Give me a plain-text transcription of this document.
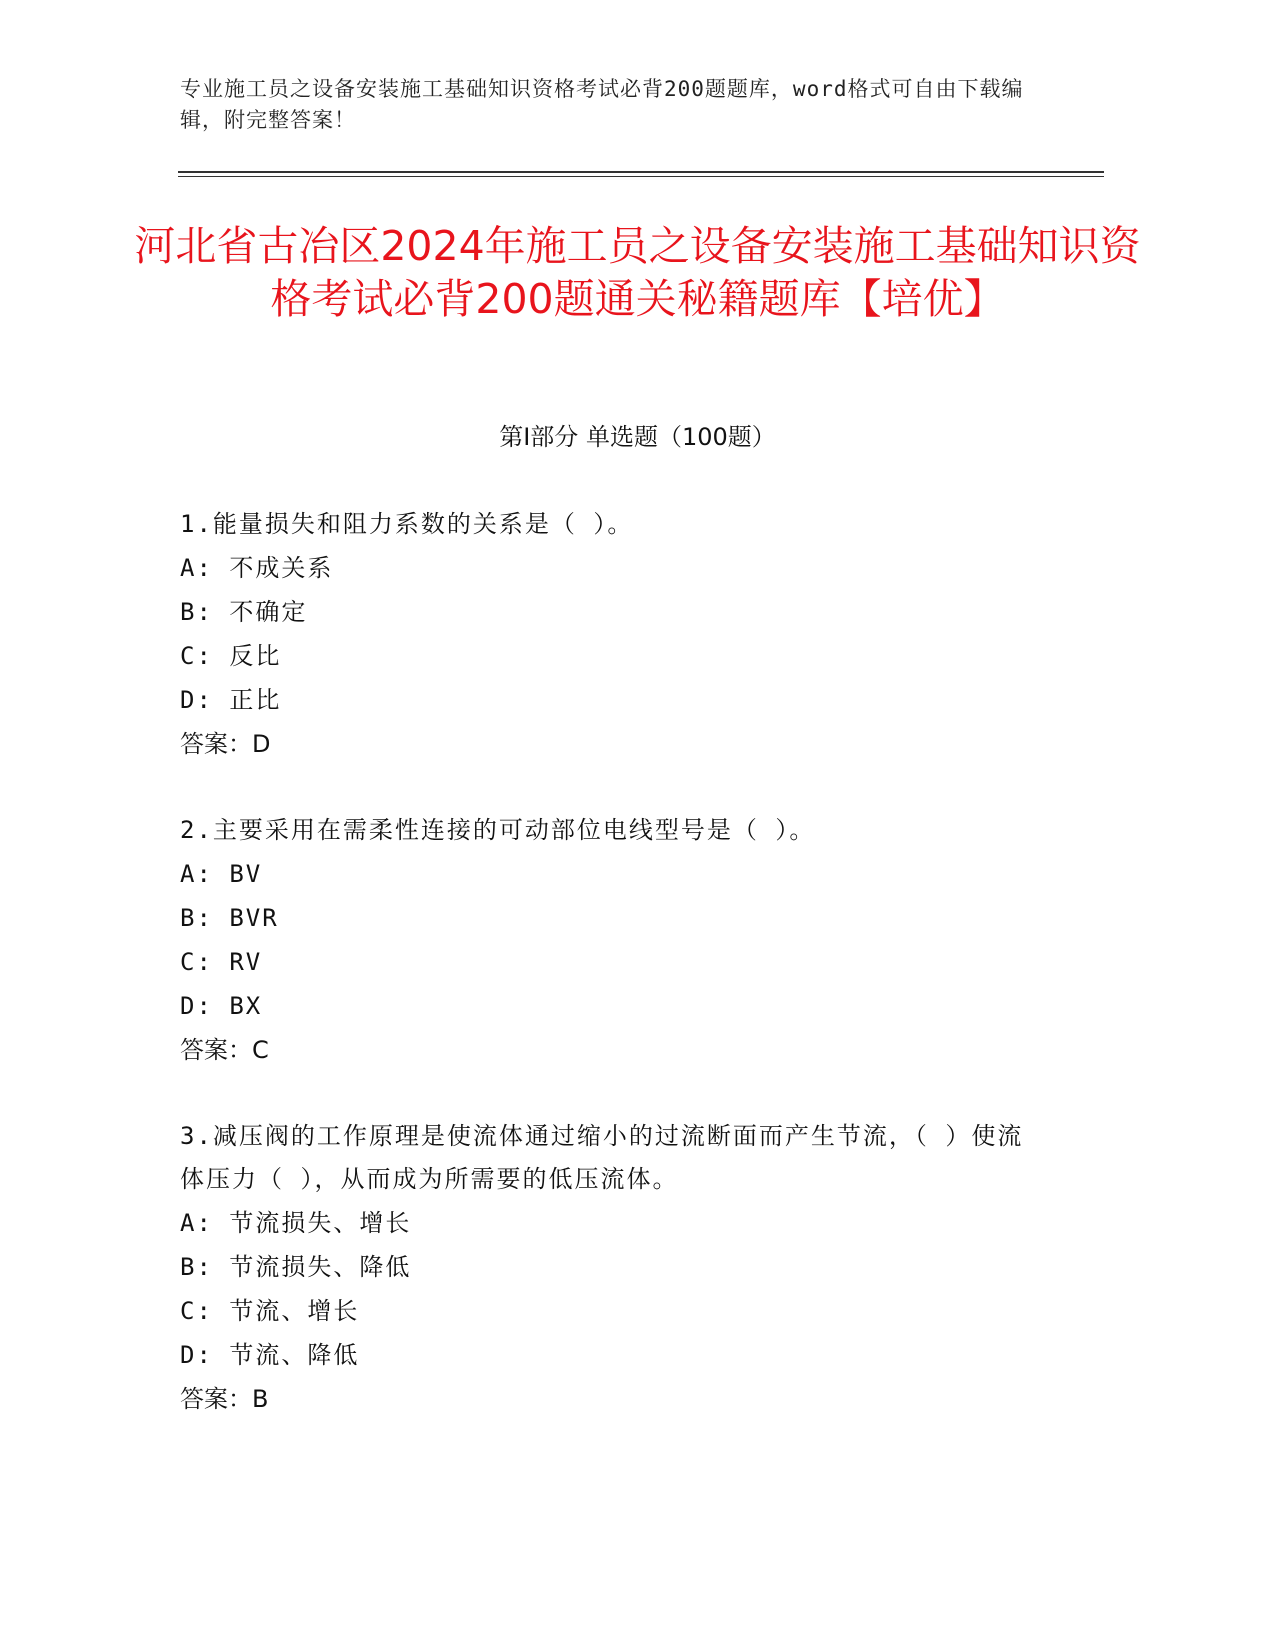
专业施工员之设备安装施工基础知识资格考试必背200题题库，word格式可自由下载编辑，附完整答案！
河北省古冶区2024年施工员之设备安装施工基础知识资格考试必背200题通关秘籍题库【培优】
第Ⅰ部分 单选题（100题）
1.能量损失和阻力系数的关系是（ ）。
A: 不成关系
B: 不确定
C: 反比
D: 正比
答案：D
2.主要采用在需柔性连接的可动部位电线型号是（ ）。
A: BV
B: BVR
C: RV
D: BX
答案：C
3.减压阀的工作原理是使流体通过缩小的过流断面而产生节流，（ ）使流体压力（ ），从而成为所需要的低压流体。
A: 节流损失、增长
B: 节流损失、降低
C: 节流、增长
D: 节流、降低
答案：B
